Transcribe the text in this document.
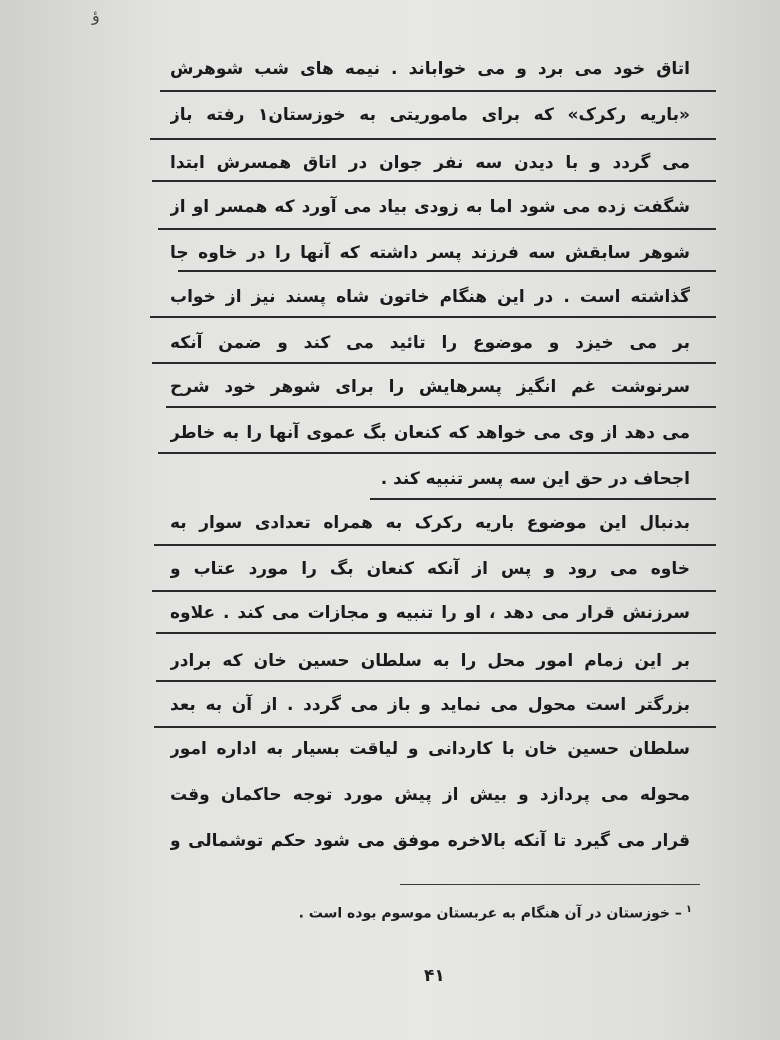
ؤ
اتاق خود می برد و می خواباند . نیمه های شب شوهرش
«باریه رکرک» که برای ماموریتی به خوزستان۱ رفته باز
می گردد و با دیدن سه نفر جوان در اتاق همسرش ابتدا
شگفت زده می شود اما به زودی بیاد می آورد که همسر او از
شوهر سابقش سه فرزند پسر داشته که آنها را در خاوه جا
گذاشته است . در این هنگام خاتون شاه پسند نیز از خواب
بر می خیزد و موضوع را تائید می کند و ضمن آنکه
سرنوشت غم انگیز پسرهایش را برای شوهر خود شرح
می دهد از وی می خواهد که کنعان بگ عموی آنها را به خاطر
اجحاف در حق این سه پسر تنبیه کند .
بدنبال این موضوع باریه رکرک به همراه تعدادی سوار به
خاوه می رود و پس از آنکه کنعان بگ را مورد عتاب و
سرزنش قرار می دهد ، او را تنبیه و مجازات می کند . علاوه
بر این زمام امور محل را به سلطان حسین خان که برادر
بزرگتر است محول می نماید و باز می گردد . از آن به بعد
سلطان حسین خان با کاردانی و لیاقت بسیار به اداره امور
محوله می پردازد و بیش از پیش مورد توجه حاکمان وقت
قرار می گیرد تا آنکه بالاخره موفق می شود حکم توشمالی و
$^۱$– خوزستان در آن هنگام به عربستان موسوم بوده است .
۴۱
